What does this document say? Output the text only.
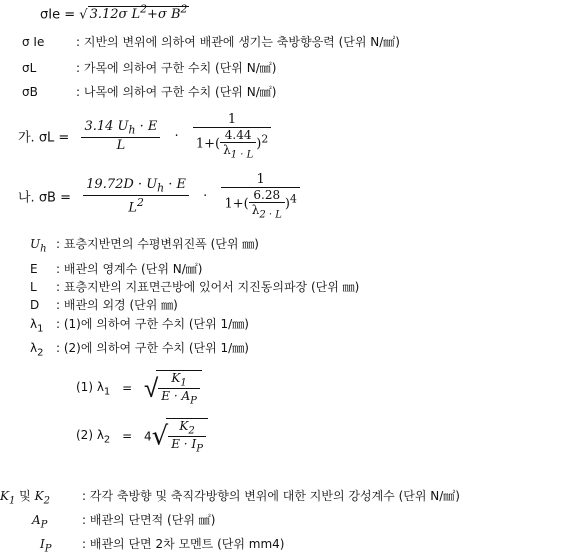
σIe = √ 3.12σ $L^2+\sigma$ $B^2$
σ Ie	: 지반의 변위에 의하여 배관에 생기는 축방향응력 (단위 N/㎟)
σL	: 가목에 의하여 구한 수치 (단위 N/㎟)
σB	: 나목에 의하여 구한 수치 (단위 N/㎟)
가. $\sigma L = \frac{3.14 U_h \cdot E}{L} \cdot \frac{1}{1+( \frac{4.44}{\lambda_{1 \cdot L}} )^2}$
나. $\sigma B = \frac{19.72D \cdot U_h \cdot E}{L^2} \cdot \frac{1}{1+( \frac{6.28}{\lambda_{2 \cdot L}} )^4}$
$U_h$ : 표층지반면의 수평변위진폭 (단위 ㎜)
E : 배관의 영계수 (단위 N/㎟)
L : 표층지반의 지표면근방에 있어서 지진동의파장 (단위 ㎜)
D : 배관의 외경 (단위 ㎜)
$\lambda_1$ : (1)에 의하여 구한 수치 (단위 1/㎜)
$\lambda_2$ : (2)에 의하여 구한 수치 (단위 1/㎜)
(1) $\lambda_1$ = √
$\frac{K_1}{E \cdot A_P}$
(2) $\lambda_2 = 4√$
$\frac{K_2}{E \cdot I_P}$
$K_1$ 및 $K_2$	: 각각 축방향 및 축직각방향의 변위에 대한 지반의 강성계수 (단위 N/㎟)
$A_P$	: 배관의 단면적 (단위 ㎟)
$I_P$	: 배관의 단면 2차 모멘트 (단위 mm4)
